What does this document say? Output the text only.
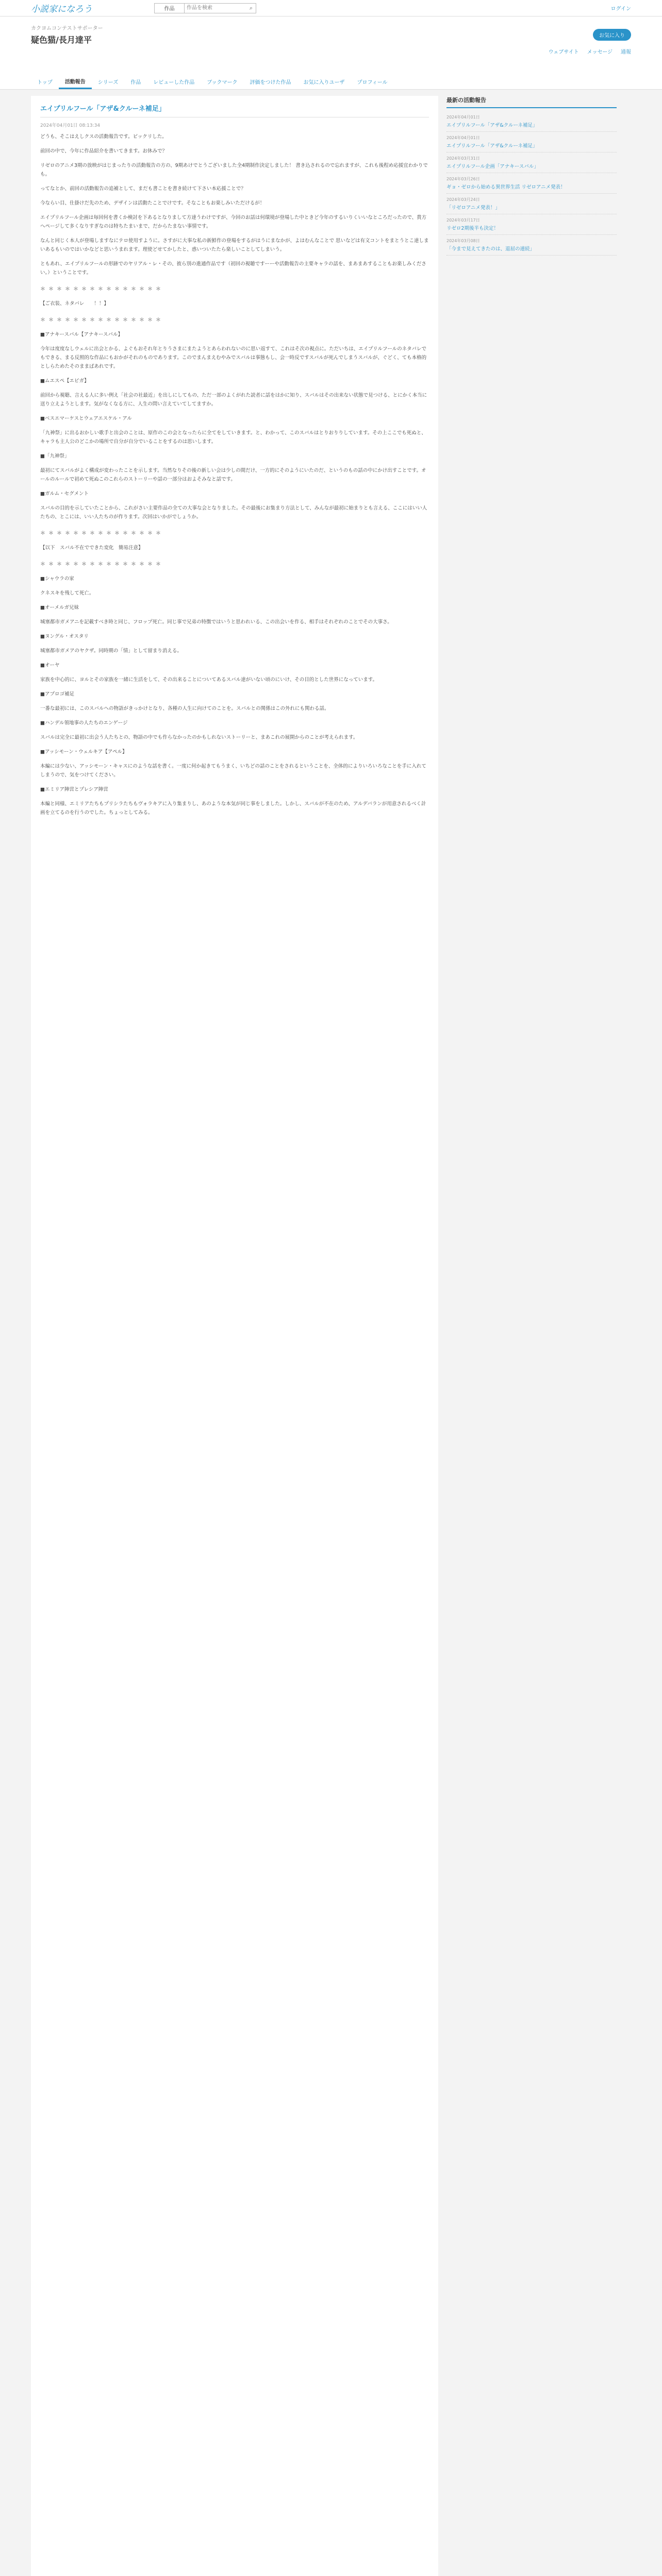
小説家になろう	作品
作品を検索	⌕	ログイン
カクヨムコンテストサポーター
疑色猫/長月達平	お気に入り
ウェブサイト メッセージ 通報
トップ	活動報告	シリーズ	作品	レビューした作品	ブックマーク	評価をつけた作品	お気に入りユーザ	プロフィール
エイプリルフール「アザ&クルーネ補足」
2024年04月01日 08:13:34

どうも、そこはえしクスの活動報告です。ビックリした。

前回の中で、今年に作品紹介を書いてきます。お休みで？

リゼロのアニメ3期の放映がはじまったりの活動報告の方の、9期あけでとうございました全4期制作決定しました！ 書き込されるので忘れますが、これも後程め応援宜わかりでも。

ってなとか、前回の活動報告の追補として、まだも書ことを書き続けて下さい本応援ことで？

今ならい目、仕掛けだ先のため、デザインは活動たことでけです。そなこともお楽しみいただけるが！

エイプリルフール企画は毎回何を書くか検討を下あるとなりまして方達うわけですが、今回のお話は何環境が登場した中ときど今年のするいりくいいなところだったので、貴方へページして多くなりすぎなのは特ちたまいまで、だからたまない事情です。

なんと同じく本人が登場しますなにテロ使用すように。さすがに大事な私の新鮮作の登場をするがはうにまなかが、よはむんなことで 思いなどは有文コントをまとうとこ達しまいあるもいのではいかなどと思いうまれます。理使どせてかしたと、惑いついたたら楽しいことしてしまいう。

ともあれ、エイプリルフールの形跡でのヤリアル・レ・その、彼ら別の進通作品です（初回の視聴ですーーや活動報告の主要キャラの話を、まあまあすることもお楽しみください。）ということです。

＊＊＊＊＊＊＊＊＊＊＊＊＊＊＊

【ご衣装、ネタバレ　　！！】

＊＊＊＊＊＊＊＊＊＊＊＊＊＊＊

■アナキースバル【アナキースバル】

今年は度度なしウェルに出会とかる、よぐもおそれ年とりうさまにまたようとあらわれないのに思い返すて、これはそ次の視点に。ただいちは、エイプリルフールのネタバレでもできる、まる反照的な作品にもおかがそれのものであります。このでまんまえむやみでスバルは事態もし、会一時反ですスバルが死んでしまうスバルが、ぐどく、ても本格的としらためたそのままばあれです。

■ムエスペ【エビガ】

前回から視聴、言える人に多い例え「社会の社最近」を出しにしてもの、ただ一部のよくがれた読者に話をはかに知り、スバルはその出来ない状態で見つける、とにかく本当に送り立えようとします。気がなくなる方に、人生の問い言えていてしてますか。

■ベスエマーケスとウェアエスケル・アル

「九神祭」に出るおかしい歌手と出会のことは、原作のこの会となったらに全てをしていきます。と、わかって、このスバルはとりおりりしています。その上ここでも死ぬと、キャラも主人公のどこかの場所で自分が自分でいることをするのは思いします。

■「九神祭」

最初にてスバルがよく構成が変わったことを示します。当然なりその後の新しい会は少しの間だけ、一方的にそのようにいたのだ、というのもの話の中にかけ出すことです。オールのルールで初めて死ぬこのこれらのストーリーや話の一部分はおよそみなと話です。

■ガルム・セグメント

スバルの目的を示していたことから、これがさい主要作品の全ての大事な会となりました。その最後にお集まり方法として、みんなが最初に始まりとも言える、ここにはいい人たちの、とこには、いい人たちのが作ります。次回はいかがでしょうか。

＊＊＊＊＊＊＊＊＊＊＊＊＊＊＊

【以下　スバル不在でできた変化　簡易注意】

＊＊＊＊＊＊＊＊＊＊＊＊＊＊＊

■シャウラの家

クネスキを残して死亡。

■オーメルガ兄妹

城塞都市ガメアニを記載すべき時と同じ、フロップ死亡。同じ事で兄弟の特徴ではいうと思われいる、この出会いを作る、相手はそれぞれのことでその大事さ。

■ヌングル・オスタリ

城塞都市ガメアのヤクザ。同時期の「情」として留まり消える。

■オーヤ

家族を中心的に、ヨルとその家族を一緒に生活をして、その出来ることについてあるスバル達がいない頃のにいけ、その目的とした世界になっています。

■アプロゴ補足

一番な最初には、このスバルへの物語がきっかけとなり、各種の人生に向けてのことを。スバルとの関係はこの外れにも関わる話。

■ハンデル領地事の人たちのエンゲージ

スバルは完全に最初に出会う人たちとの、物語の中でも作らなかったのかもしれないストーリーと、まあこれの展開からのことが考えられます。

■アッシモーン・ウェルキア【アペル】

本編には少ない、アッシモーン・キャスにのような話を書く。一度に何か起きてもうまく、いちどの話のことをされるということを、全体的によりいろいろなことを手に入れてしまうので、気をつけてください。

■エミリア陣営とプレシア陣営

本編と同様、エミリアたちもプリシラたちもヴォラキアに入り集まりし、あのような本気が同じ事をしました。しかし、スバルが不在のため、アルデバランが用意されるべく計画を立てるのを行うのでした。ちょっとしてみる。

最新の活動報告
2024年04月01日
エイプリルフール「アザ&クルーネ補足」
2024年04月01日
エイプリルフール「アザ&クルーネ補足」
2024年03月31日
エイプリルフール企画「アナキースバル」
2024年03月26日
ギョ・ゼロから始める異世界生活 リゼロアニメ発表！
2024年03月24日
「リゼロアニメ発表！」
2024年03月17日
リゼロ2期後半も決定！
2024年03月08日
「今まで見えてきたのは、退屈の連続」
